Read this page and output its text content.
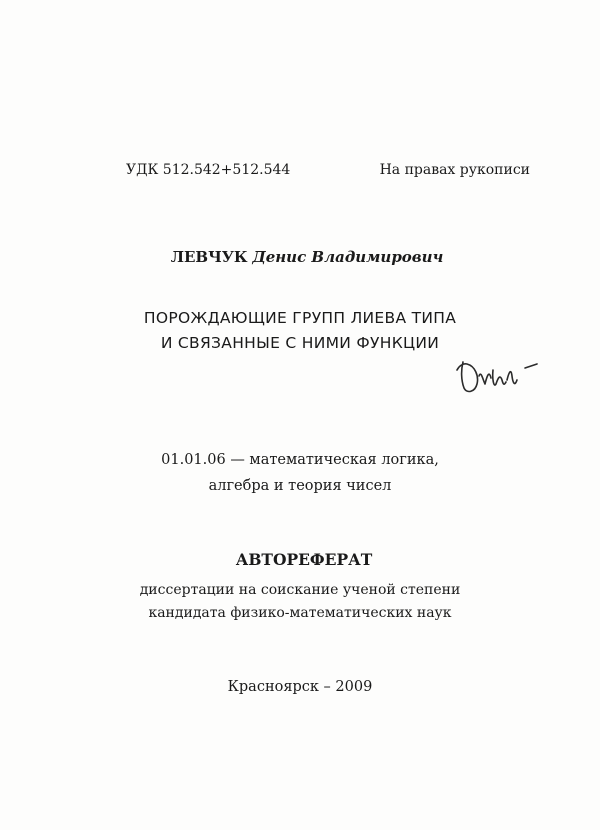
УДК 512.542+512.544	На правах рукописи
ЛЕВЧУК Денис Владимирович
ПОРОЖДАЮЩИЕ ГРУПП ЛИЕВА ТИПА
И СВЯЗАННЫЕ С НИМИ ФУНКЦИИ
01.01.06 — математическая логика,
алгебра и теория чисел
АВТОРЕФЕРАТ
диссертации на соискание ученой степени
кандидата физико-математических наук
Красноярск – 2009
